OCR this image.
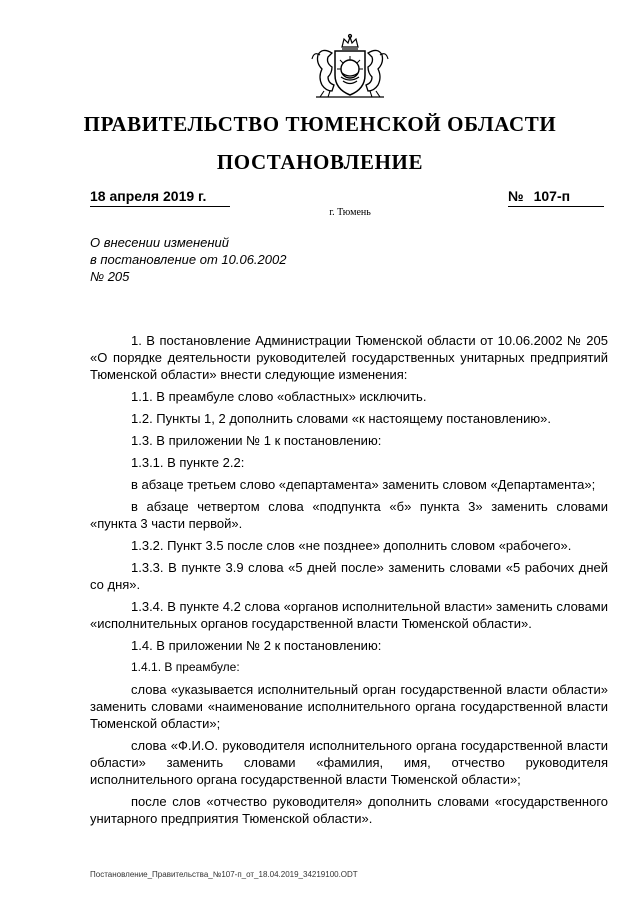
ПРАВИТЕЛЬСТВО ТЮМЕНСКОЙ ОБЛАСТИ
ПОСТАНОВЛЕНИЕ
18 апреля 2019 г.	№ 107-п
г. Тюмень
О внесении изменений
в постановление от 10.06.2002
№ 205

1. В постановление Администрации Тюменской области от 10.06.2002 № 205 «О порядке деятельности руководителей государственных унитарных предприятий Тюменской области» внести следующие изменения:

1.1. В преамбуле слово «областных» исключить.

1.2. Пункты 1, 2 дополнить словами «к настоящему постановлению».

1.3. В приложении № 1 к постановлению:

1.3.1. В пункте 2.2:

в абзаце третьем слово «департамента» заменить словом «Департамента»;

в абзаце четвертом слова «подпункта «б» пункта 3» заменить словами «пункта 3 части первой».

1.3.2. Пункт 3.5 после слов «не позднее» дополнить словом «рабочего».

1.3.3. В пункте 3.9 слова «5 дней после» заменить словами «5 рабочих дней со дня».

1.3.4. В пункте 4.2 слова «органов исполнительной власти» заменить словами «исполнительных органов государственной власти Тюменской области».

1.4. В приложении № 2 к постановлению:

1.4.1. В преамбуле:

слова «указывается исполнительный орган государственной власти области» заменить словами «наименование исполнительного органа государственной власти Тюменской области»;

слова «Ф.И.О. руководителя исполнительного органа государственной власти области» заменить словами «фамилия, имя, отчество руководителя исполнительного органа государственной власти Тюменской области»;

после слов «отчество руководителя» дополнить словами «государственного унитарного предприятия Тюменской области».

Постановление_Правительства_№107-п_от_18.04.2019_34219100.ODT
